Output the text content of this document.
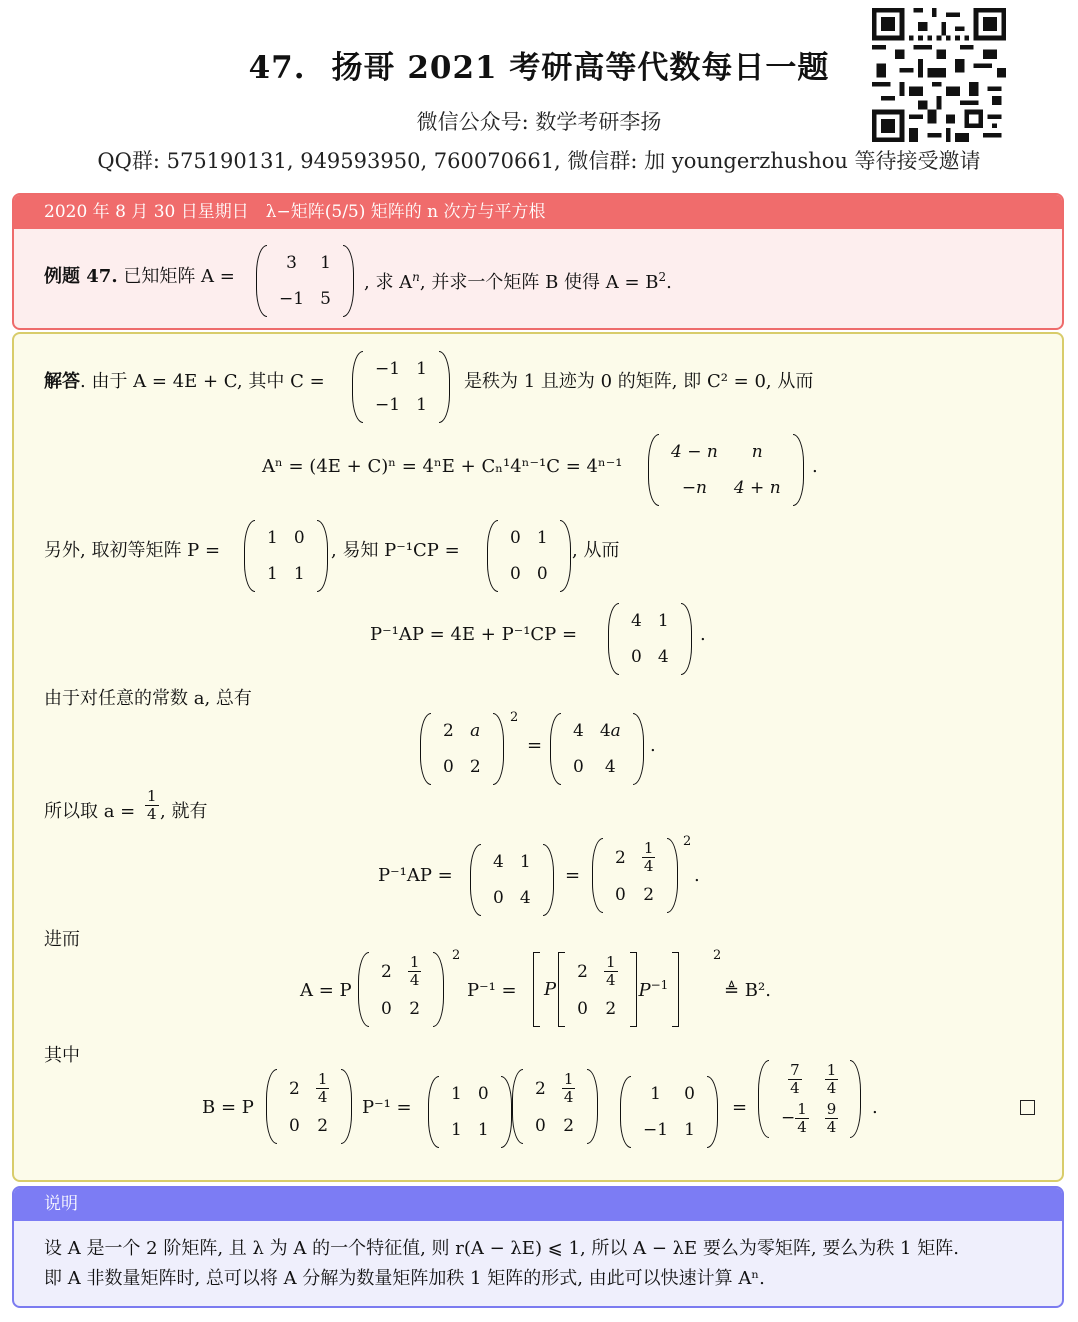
47. 扬哥 2021 考研高等代数每日一题
微信公众号: 数学考研李扬
QQ群: 575190131, 949593950, 760070661, 微信群: 加 youngerzhushou 等待接受邀请
2020 年 8 月 30 日星期日　λ−矩阵(5/5) 矩阵的 n 次方与平方根
例题 47. 已知矩阵 A =
3	1
−1	5
, 求 $A^n$, 并求一个矩阵 B 使得 $A = B^2$.
解答. 由于 A = 4E + C, 其中 C =
−1	1
−1	1
是秩为 1 且迹为 0 的矩阵, 即 C² = 0, 从而
Aⁿ = (4E + C)ⁿ = 4ⁿE + Cₙ¹4ⁿ⁻¹C = 4ⁿ⁻¹
4 − n	n
−n	4 + n
.
另外, 取初等矩阵 P =
1	0
1	1
, 易知 P⁻¹CP =
0	1
0	0
, 从而
P⁻¹AP = 4E + P⁻¹CP =
4	1
0	4
.
由于对任意的常数 a, 总有
2	a
0	2
2
=
4	4a
0	4
.
所以取 $a = \frac{1}{4}$ , 就有
P⁻¹AP =
4	1
0	4
=
2	$\frac{1}{4}$

0	2
2
.
进而
A = P
2	$\frac{1}{4}$

0	2
2
P⁻¹ = P
2	$\frac{1}{4}$

0	2
$P^{-1}$
2
≜ B².
其中
B = P
2	$\frac{1}{4}$

0	2
P⁻¹ =
1	0
1	1
2	$\frac{1}{4}$

0	2
1	0
−1	1
=
$\frac{7}{4}$	$\frac{1}{4}$

− $\frac{1}{4}$	$\frac{9}{4}$ .
说明
设 A 是一个 2 阶矩阵, 且 λ 为 A 的一个特征值, 则 r(A − λE) ⩽ 1, 所以 A − λE 要么为零矩阵, 要么为秩 1 矩阵.
即 A 非数量矩阵时, 总可以将 A 分解为数量矩阵加秩 1 矩阵的形式, 由此可以快速计算 Aⁿ.
